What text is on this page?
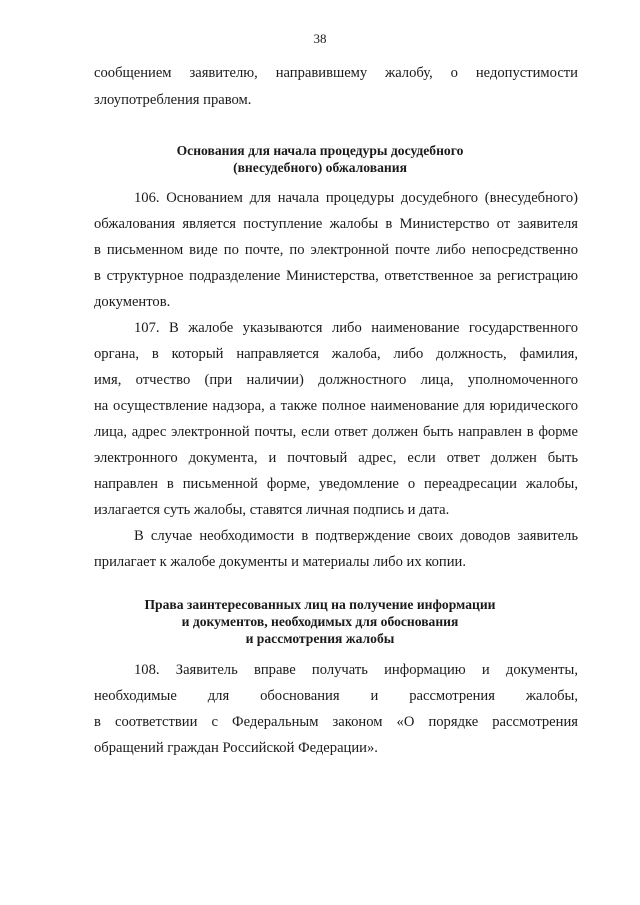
38
сообщением заявителю, направившему жалобу, о недопустимости
злоупотребления правом.
Основания для начала процедуры досудебного
(внесудебного) обжалования
106. Основанием для начала процедуры досудебного (внесудебного)
обжалования является поступление жалобы в Министерство от заявителя
в письменном виде по почте, по электронной почте либо непосредственно
в структурное подразделение Министерства, ответственное за регистрацию
документов.
107. В жалобе указываются либо наименование государственного
органа, в который направляется жалоба, либо должность, фамилия,
имя, отчество (при наличии) должностного лица, уполномоченного
на осуществление надзора, а также полное наименование для юридического
лица, адрес электронной почты, если ответ должен быть направлен в форме
электронного документа, и почтовый адрес, если ответ должен быть
направлен в письменной форме, уведомление о переадресации жалобы,
излагается суть жалобы, ставятся личная подпись и дата.
В случае необходимости в подтверждение своих доводов заявитель
прилагает к жалобе документы и материалы либо их копии.
Права заинтересованных лиц на получение информации
и документов, необходимых для обоснования
и рассмотрения жалобы
108. Заявитель вправе получать информацию и документы,
необходимые для обоснования и рассмотрения жалобы,
в соответствии с Федеральным законом «О порядке рассмотрения
обращений граждан Российской Федерации».
